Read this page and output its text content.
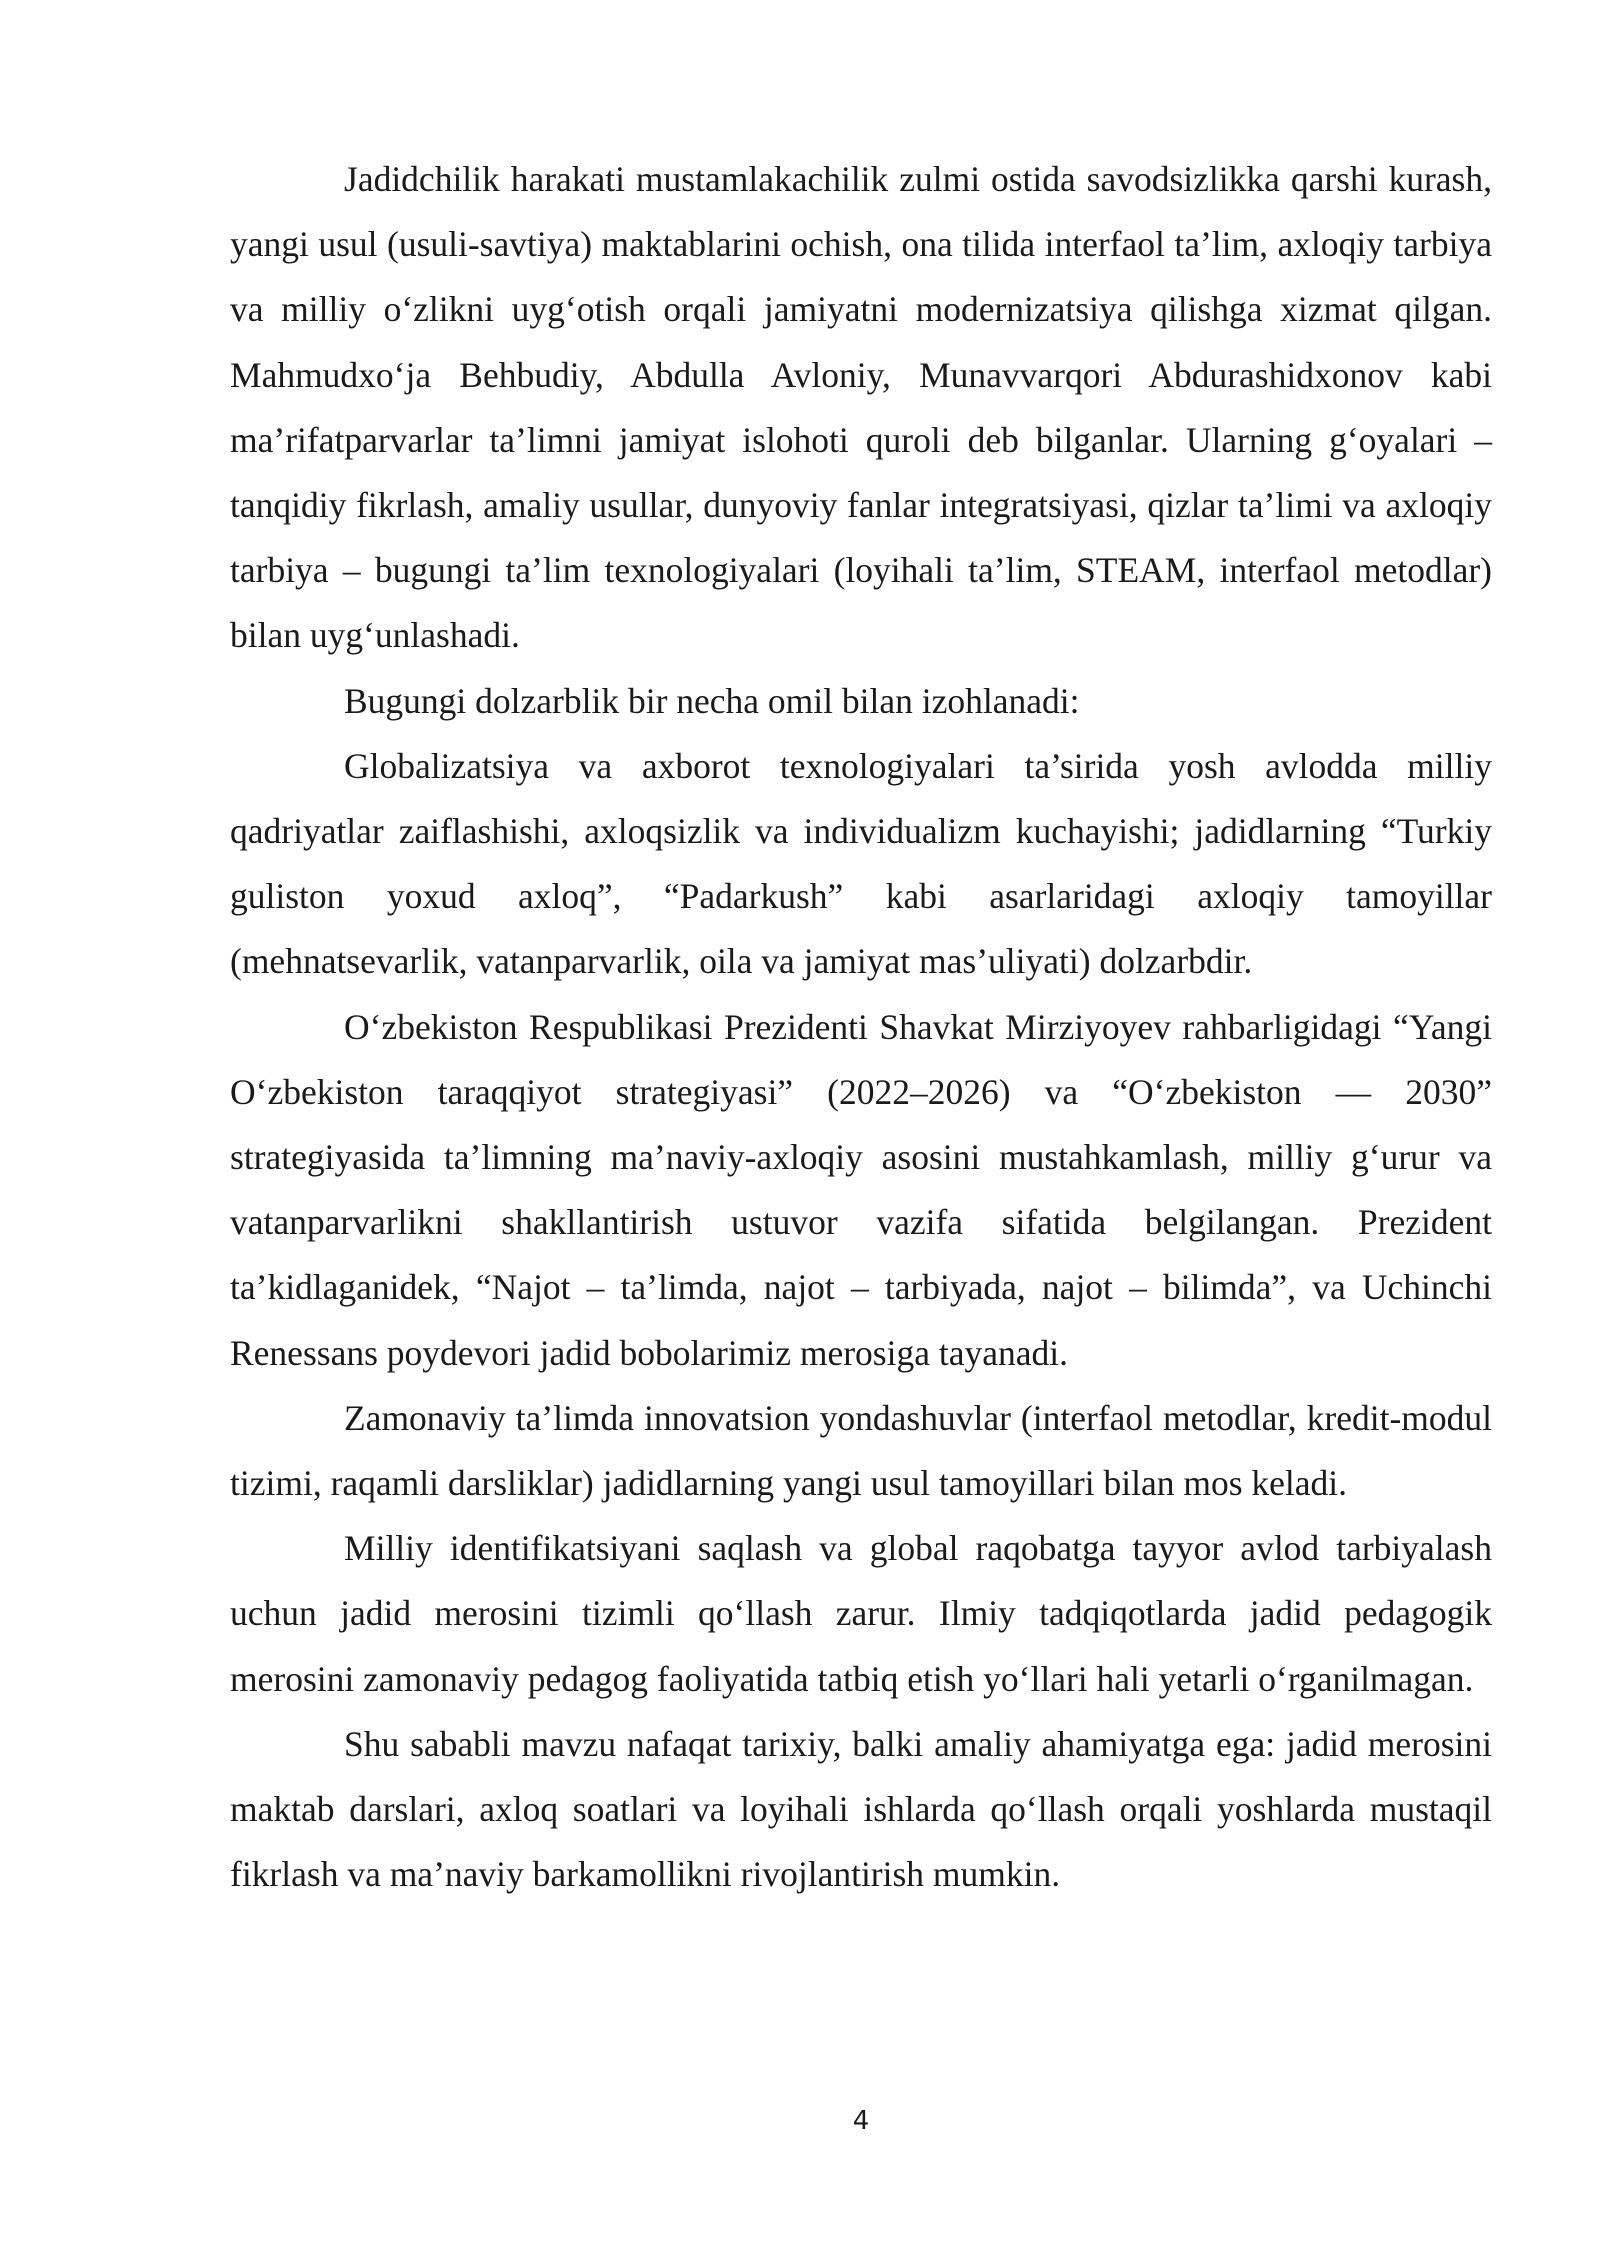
Jadidchilik harakati mustamlakachilik zulmi ostida savodsizlikka qarshi kurash, yangi usul (usuli-savtiya) maktablarini ochish, ona tilida interfaol ta’lim, axloqiy tarbiya va milliy o‘zlikni uyg‘otish orqali jamiyatni modernizatsiya qilishga xizmat qilgan. Mahmudxo‘ja Behbudiy, Abdulla Avloniy, Munavvarqori Abdurashidxonov kabi ma’rifatparvarlar ta’limni jamiyat islohoti quroli deb bilganlar. Ularning g‘oyalari – tanqidiy fikrlash, amaliy usullar, dunyoviy fanlar integratsiyasi, qizlar ta’limi va axloqiy tarbiya – bugungi ta’lim texnologiyalari (loyihali ta’lim, STEAM, interfaol metodlar) bilan uyg‘unlashadi.

Bugungi dolzarblik bir necha omil bilan izohlanadi:

Globalizatsiya va axborot texnologiyalari ta’sirida yosh avlodda milliy qadriyatlar zaiflashishi, axloqsizlik va individualizm kuchayishi; jadidlarning “Turkiy guliston yoxud axloq”, “Padarkush” kabi asarlaridagi axloqiy tamoyillar (mehnatsevarlik, vatanparvarlik, oila va jamiyat mas’uliyati) dolzarbdir.

O‘zbekiston Respublikasi Prezidenti Shavkat Mirziyoyev rahbarligidagi “Yangi O‘zbekiston taraqqiyot strategiyasi” (2022–2026) va “O‘zbekiston — 2030” strategiyasida ta’limning ma’naviy-axloqiy asosini mustahkamlash, milliy g‘urur va vatanparvarlikni shakllantirish ustuvor vazifa sifatida belgilangan. Prezident ta’kidlaganidek, “Najot – ta’limda, najot – tarbiyada, najot – bilimda”, va Uchinchi Renessans poydevori jadid bobolarimiz merosiga tayanadi.

Zamonaviy ta’limda innovatsion yondashuvlar (interfaol metodlar, kredit-modul tizimi, raqamli darsliklar) jadidlarning yangi usul tamoyillari bilan mos keladi.

Milliy identifikatsiyani saqlash va global raqobatga tayyor avlod tarbiyalash uchun jadid merosini tizimli qo‘llash zarur. Ilmiy tadqiqotlarda jadid pedagogik merosini zamonaviy pedagog faoliyatida tatbiq etish yo‘llari hali yetarli o‘rganilmagan.

Shu sababli mavzu nafaqat tarixiy, balki amaliy ahamiyatga ega: jadid merosini maktab darslari, axloq soatlari va loyihali ishlarda qo‘llash orqali yoshlarda mustaqil fikrlash va ma’naviy barkamollikni rivojlantirish mumkin.

4
